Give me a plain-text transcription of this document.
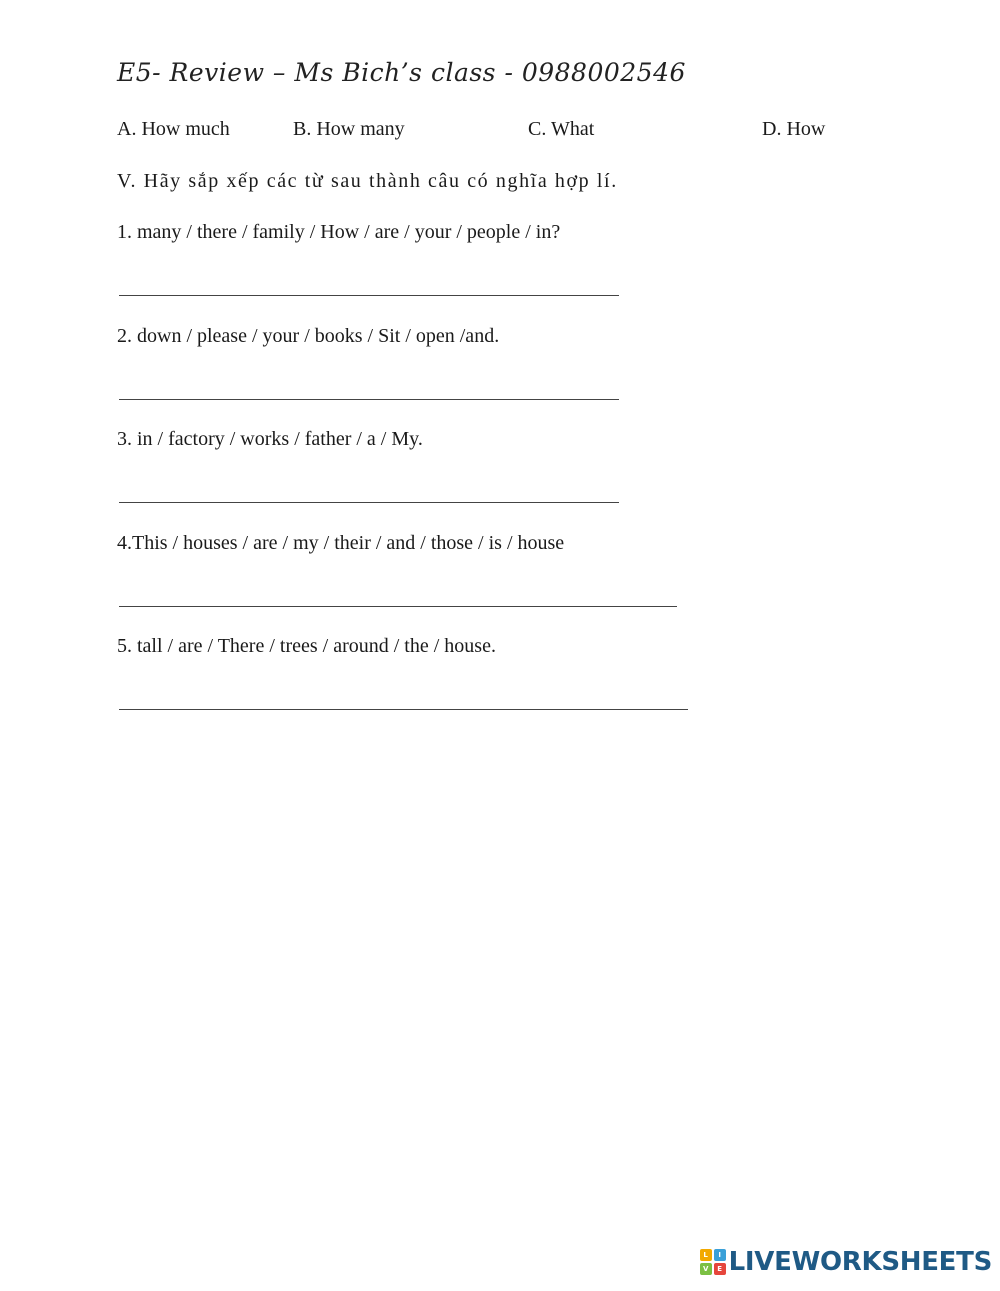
E5- Review – Ms Bich’s class - 0988002546
A. How much	B. How many	C. What	D. How
V. Hãy sắp xếp các từ sau thành câu có nghĩa hợp lí.
1. many / there / family / How / are / your / people / in?
2. down / please / your / books / Sit / open /and.
3. in / factory / works / father / a / My.
4.This / houses / are / my / their / and / those / is / house
5. tall / are / There / trees / around / the / house.
L	I
V	E LIVEWORKSHEETS
